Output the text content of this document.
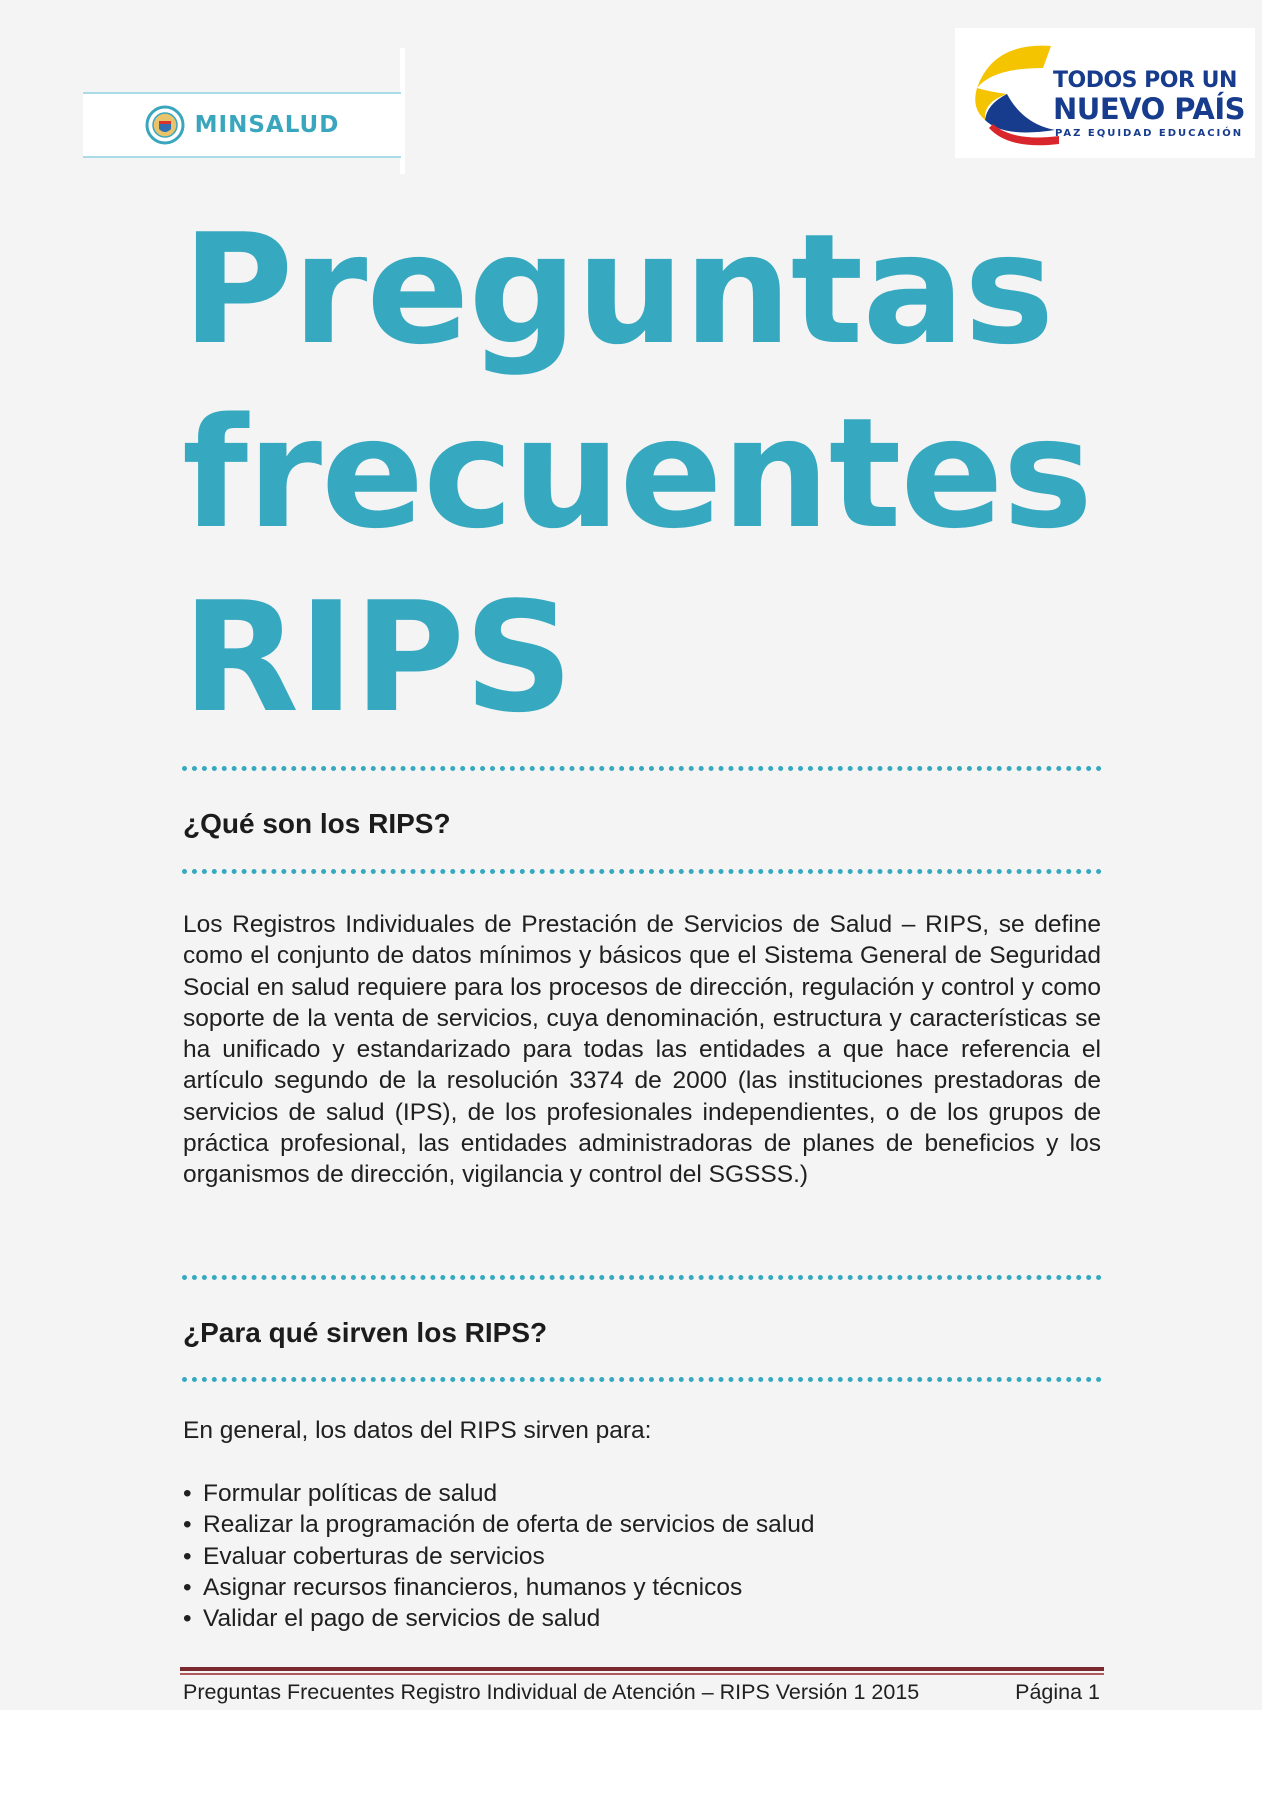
MINSALUD
TODOS POR UN
NUEVO PAÍS
PAZ EQUIDAD EDUCACIÓN
Preguntas
frecuentes
RIPS
¿Qué son los RIPS?

Los Registros Individuales de Prestación de Servicios de Salud – RIPS, se define como el conjunto de datos mínimos y básicos que el Sistema General de Seguridad Social en salud requiere para los procesos de dirección, regulación y control y como soporte de la venta de servicios, cuya denominación, estructura y características se ha unificado y estandarizado para todas las entidades a que hace referencia el artículo segundo de la resolución 3374 de 2000 (las instituciones prestadoras de servicios de salud (IPS), de los profesionales independientes, o de los grupos de práctica profesional, las entidades administradoras de planes de beneficios y los organismos de dirección, vigilancia y control del SGSSS.)

¿Para qué sirven los RIPS?

En general, los datos del RIPS sirven para:

• Formular políticas de salud
• Realizar la programación de oferta de servicios de salud
• Evaluar coberturas de servicios
• Asignar recursos financieros, humanos y técnicos
• Validar el pago de servicios de salud
Preguntas Frecuentes Registro Individual de Atención – RIPS Versión 1 2015	Página 1
